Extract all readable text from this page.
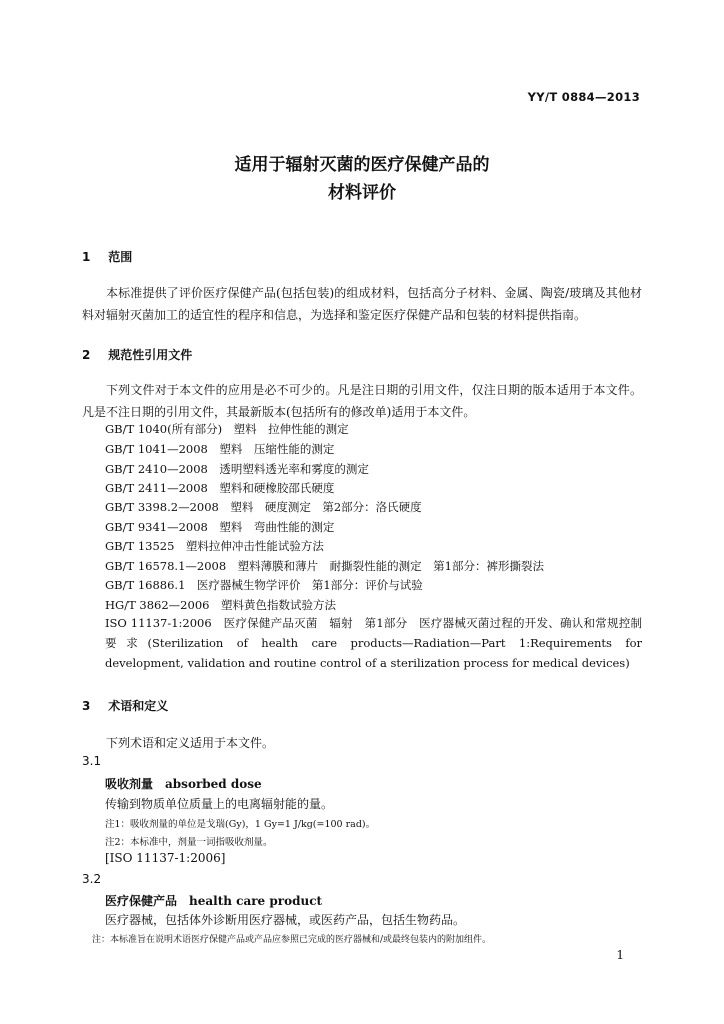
YY/T 0884—2013
适用于辐射灭菌的医疗保健产品的
材料评价
1 范围
本标准提供了评价医疗保健产品(包括包装)的组成材料，包括高分子材料、金属、陶瓷/玻璃及其他材料对辐射灭菌加工的适宜性的程序和信息，为选择和鉴定医疗保健产品和包装的材料提供指南。
2 规范性引用文件
下列文件对于本文件的应用是必不可少的。凡是注日期的引用文件，仅注日期的版本适用于本文件。凡是不注日期的引用文件，其最新版本(包括所有的修改单)适用于本文件。
GB/T 1040(所有部分)　塑料　拉伸性能的测定
GB/T 1041—2008　塑料　压缩性能的测定
GB/T 2410—2008　透明塑料透光率和雾度的测定
GB/T 2411—2008　塑料和硬橡胶邵氏硬度
GB/T 3398.2—2008　塑料　硬度测定　第2部分：洛氏硬度
GB/T 9341—2008　塑料　弯曲性能的测定
GB/T 13525　塑料拉伸冲击性能试验方法
GB/T 16578.1—2008　塑料薄膜和薄片　耐撕裂性能的测定　第1部分：裤形撕裂法
GB/T 16886.1　医疗器械生物学评价　第1部分：评价与试验
HG/T 3862—2006　塑料黄色指数试验方法
ISO 11137-1:2006　医疗保健产品灭菌　辐射　第1部分　医疗器械灭菌过程的开发、确认和常规控制要求(Sterilization of health care products—Radiation—Part 1:Requirements for development, validation and routine control of a sterilization process for medical devices)
3 术语和定义
下列术语和定义适用于本文件。
3.1
吸收剂量 absorbed dose
传输到物质单位质量上的电离辐射能的量。
注1：吸收剂量的单位是戈瑞(Gy)，1 Gy=1 J/kg(=100 rad)。
注2：本标准中，剂量一词指吸收剂量。
[ISO 11137-1:2006]
3.2
医疗保健产品 health care product
医疗器械，包括体外诊断用医疗器械，或医药产品，包括生物药品。
注：本标准旨在说明术语医疗保健产品或产品应参照已完成的医疗器械和/或最终包装内的附加组件。
1
